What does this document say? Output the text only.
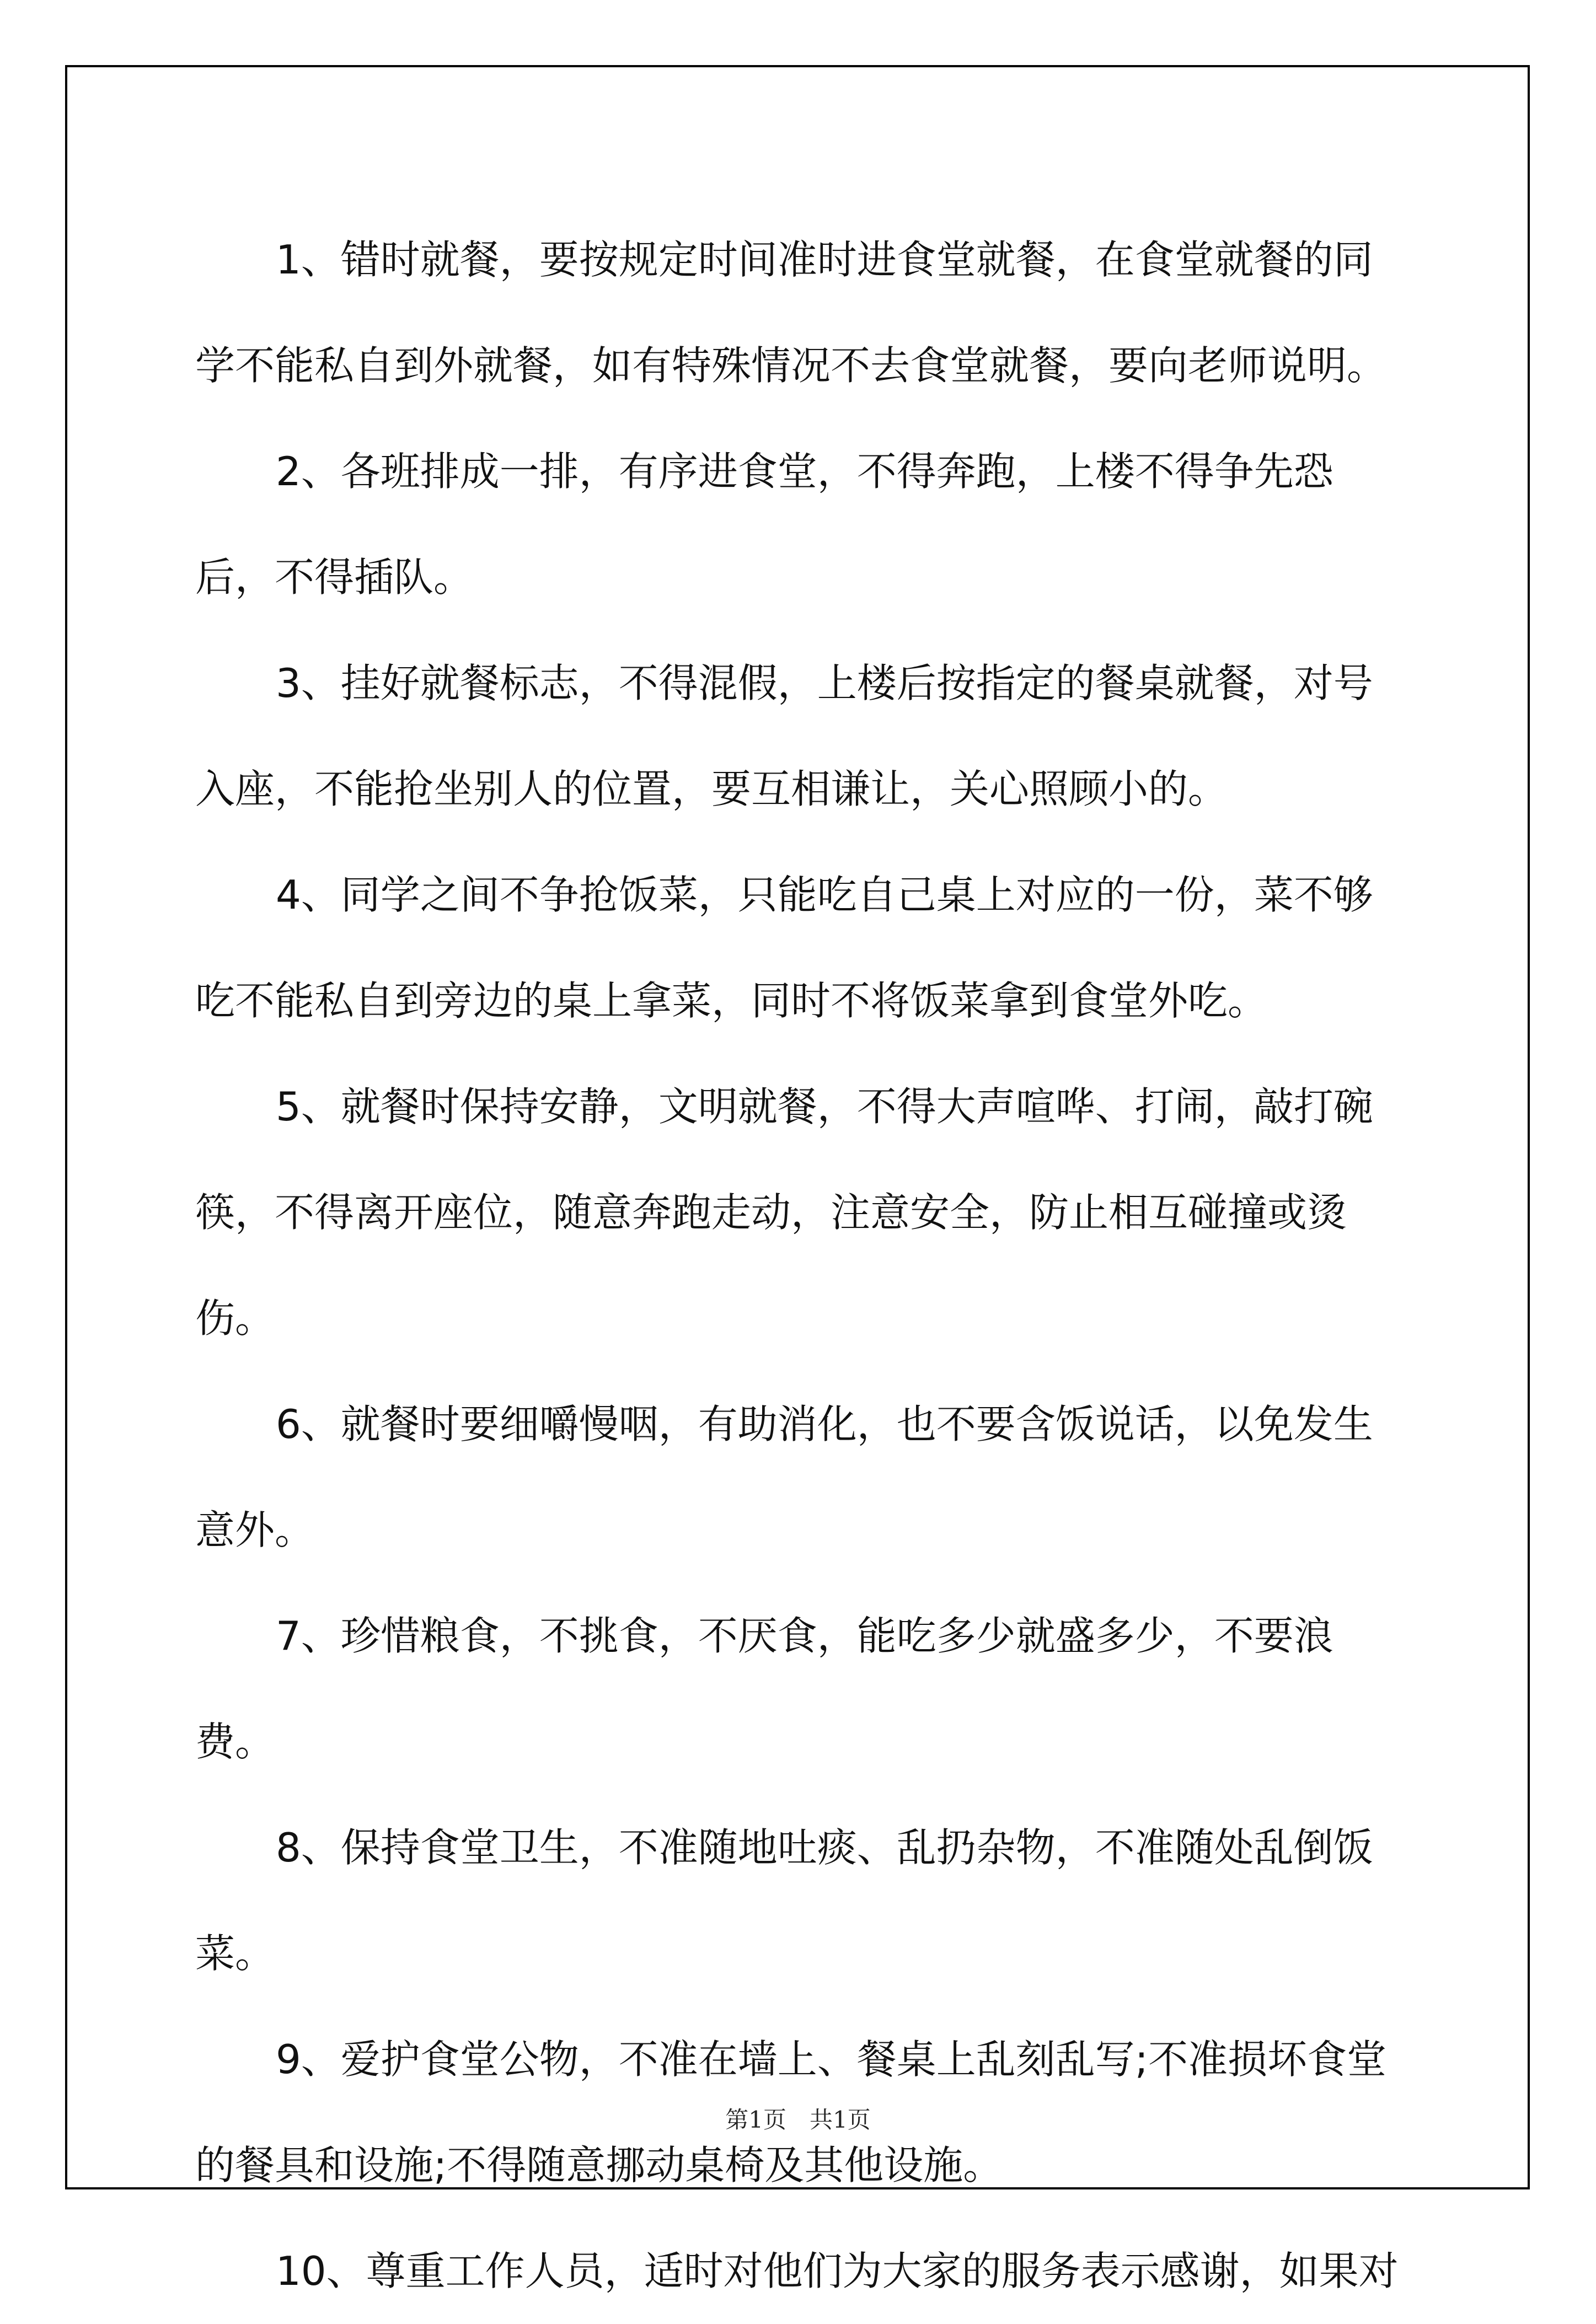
1、错时就餐，要按规定时间准时进食堂就餐，在食堂就餐的同学不能私自到外就餐，如有特殊情况不去食堂就餐，要向老师说明。

2、各班排成一排，有序进食堂，不得奔跑，上楼不得争先恐后，不得插队。

3、挂好就餐标志，不得混假，上楼后按指定的餐桌就餐，对号入座，不能抢坐别人的位置，要互相谦让，关心照顾小的。

4、同学之间不争抢饭菜，只能吃自己桌上对应的一份，菜不够吃不能私自到旁边的桌上拿菜，同时不将饭菜拿到食堂外吃。

5、就餐时保持安静，文明就餐，不得大声喧哗、打闹，敲打碗筷，不得离开座位，随意奔跑走动，注意安全，防止相互碰撞或烫伤。

6、就餐时要细嚼慢咽，有助消化，也不要含饭说话，以免发生意外。

7、珍惜粮食，不挑食，不厌食，能吃多少就盛多少，不要浪费。

8、保持食堂卫生，不准随地吐痰、乱扔杂物，不准随处乱倒饭菜。

9、爱护食堂公物，不准在墙上、餐桌上乱刻乱写;不准损坏食堂的餐具和设施;不得随意挪动桌椅及其他设施。

10、尊重工作人员，适时对他们为大家的服务表示感谢，如果对

第1页　共1页
